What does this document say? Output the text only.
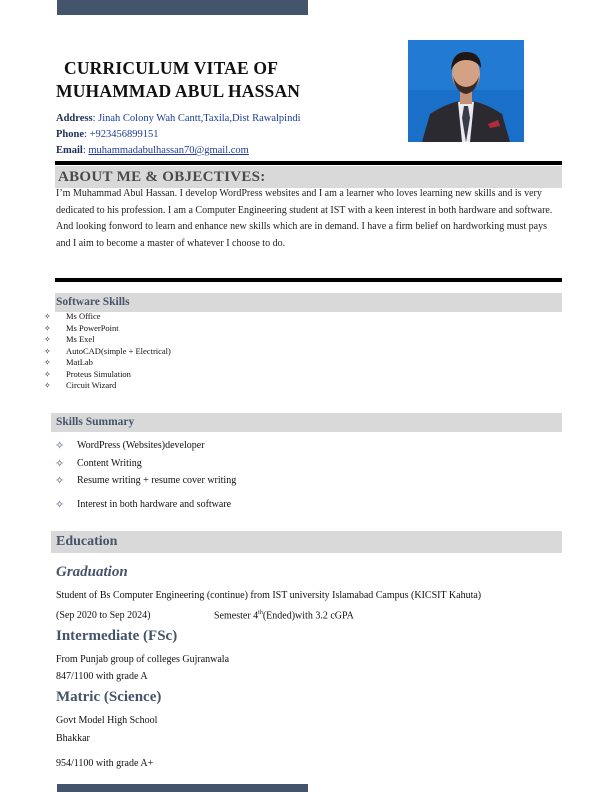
CURRICULUM VITAE OF
MUHAMMAD ABUL HASSAN
Address: Jinah Colony Wah Cantt,Taxila,Dist Rawalpindi
Phone: +923456899151
Email: muhammadabulhassan70@gmail.com
ABOUT ME & OBJECTIVES:
I’m Muhammad Abul Hassan. I develop WordPress websites and I am a learner who loves learning new skills and is very dedicated to his profession. I am a Computer Engineering student at IST with a keen interest in both hardware and software. And looking fonword to learn and enhance new skills which are in demand. I have a firm belief on hardworking must pays and I aim to become a master of whatever I choose to do.
Software Skills
✧ Ms Office
✧ Ms PowerPoint
✧ Ms Exel
✧ AutoCAD(simple + Electrical)
✧ MatLab
✧ Proteus Simulation
✧ Circuit Wizard
Skills Summary
✧ WordPress (Websites)developer
✧ Content Writing
✧ Resume writing + resume cover writing
✧ Interest in both hardware and software
Education
Graduation
Student of Bs Computer Engineering (continue) from IST university Islamabad Campus (KICSIT Kahuta)
(Sep 2020 to Sep 2024)	Semester 4th(Ended)with 3.2 cGPA
Intermediate (FSc)
From Punjab group of colleges Gujranwala
847/1100 with grade A
Matric (Science)
Govt Model High School
Bhakkar
954/1100 with grade A+
